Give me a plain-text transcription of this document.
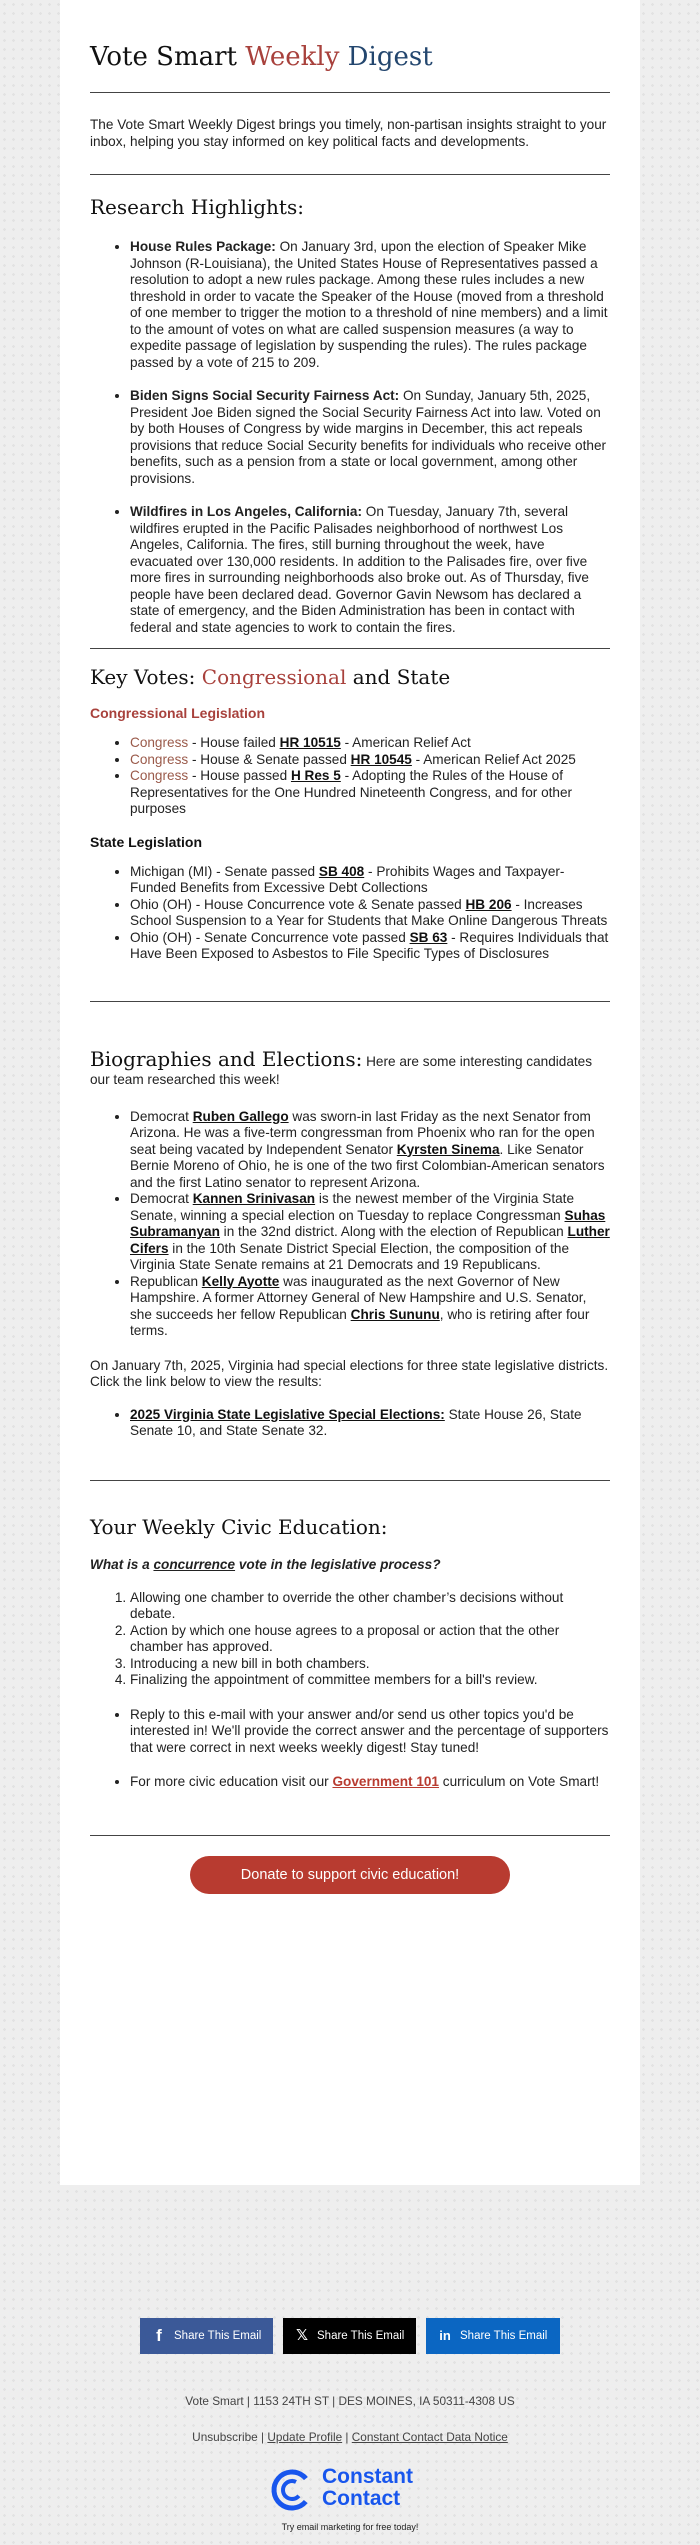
Vote Smart Weekly Digest

The Vote Smart Weekly Digest brings you timely, non-partisan insights straight to your inbox, helping you stay informed on key political facts and developments.

Research Highlights:
• House Rules Package: On January 3rd, upon the election of Speaker Mike Johnson (R-Louisiana), the United States House of Representatives passed a resolution to adopt a new rules package. Among these rules includes a new threshold in order to vacate the Speaker of the House (moved from a threshold of one member to trigger the motion to a threshold of nine members) and a limit to the amount of votes on what are called suspension measures (a way to expedite passage of legislation by suspending the rules). The rules package passed by a vote of 215 to 209.
• Biden Signs Social Security Fairness Act: On Sunday, January 5th, 2025, President Joe Biden signed the Social Security Fairness Act into law. Voted on by both Houses of Congress by wide margins in December, this act repeals provisions that reduce Social Security benefits for individuals who receive other benefits, such as a pension from a state or local government, among other provisions.
• Wildfires in Los Angeles, California: On Tuesday, January 7th, several wildfires erupted in the Pacific Palisades neighborhood of northwest Los Angeles, California. The fires, still burning throughout the week, have evacuated over 130,000 residents. In addition to the Palisades fire, over five more fires in surrounding neighborhoods also broke out. As of Thursday, five people have been declared dead. Governor Gavin Newsom has declared a state of emergency, and the Biden Administration has been in contact with federal and state agencies to work to contain the fires.
Key Votes: Congressional and State
Congressional Legislation
• Congress - House failed HR 10515 - American Relief Act
• Congress - House & Senate passed HR 10545 - American Relief Act 2025
• Congress - House passed H Res 5 - Adopting the Rules of the House of Representatives for the One Hundred Nineteenth Congress, and for other purposes
State Legislation
• Michigan (MI) - Senate passed SB 408 - Prohibits Wages and Taxpayer-Funded Benefits from Excessive Debt Collections
• Ohio (OH) - House Concurrence vote & Senate passed HB 206 - Increases School Suspension to a Year for Students that Make Online Dangerous Threats
• Ohio (OH) - Senate Concurrence vote passed SB 63 - Requires Individuals that Have Been Exposed to Asbestos to File Specific Types of Disclosures
Biographies and Elections: Here are some interesting candidates our team researched this week!
• Democrat Ruben Gallego was sworn-in last Friday as the next Senator from Arizona. He was a five-term congressman from Phoenix who ran for the open seat being vacated by Independent Senator Kyrsten Sinema. Like Senator Bernie Moreno of Ohio, he is one of the two first Colombian-American senators and the first Latino senator to represent Arizona.
• Democrat Kannen Srinivasan is the newest member of the Virginia State Senate, winning a special election on Tuesday to replace Congressman Suhas Subramanyan in the 32nd district. Along with the election of Republican Luther Cifers in the 10th Senate District Special Election, the composition of the Virginia State Senate remains at 21 Democrats and 19 Republicans.
• Republican Kelly Ayotte was inaugurated as the next Governor of New Hampshire. A former Attorney General of New Hampshire and U.S. Senator, she succeeds her fellow Republican Chris Sununu, who is retiring after four terms.

On January 7th, 2025, Virginia had special elections for three state legislative districts. Click the link below to view the results:

• 2025 Virginia State Legislative Special Elections: State House 26, State Senate 10, and State Senate 32.
Your Weekly Civic Education:

What is a concurrence vote in the legislative process?

1. Allowing one chamber to override the other chamber’s decisions without debate.
2. Action by which one house agrees to a proposal or action that the other chamber has approved.
3. Introducing a new bill in both chambers.
4. Finalizing the appointment of committee members for a bill's review.
• Reply to this e-mail with your answer and/or send us other topics you'd be interested in! We'll provide the correct answer and the percentage of supporters that were correct in next weeks weekly digest! Stay tuned!
• For more civic education visit our Government 101 curriculum on Vote Smart!
Donate to support civic education!
f	Share This Email	𝕏 Share This Email	in Share This Email
Vote Smart | 1153 24TH ST | DES MOINES, IA 50311-4308 US
Unsubscribe | Update Profile | Constant Contact Data Notice
Constant
Contact
Try email marketing for free today!
